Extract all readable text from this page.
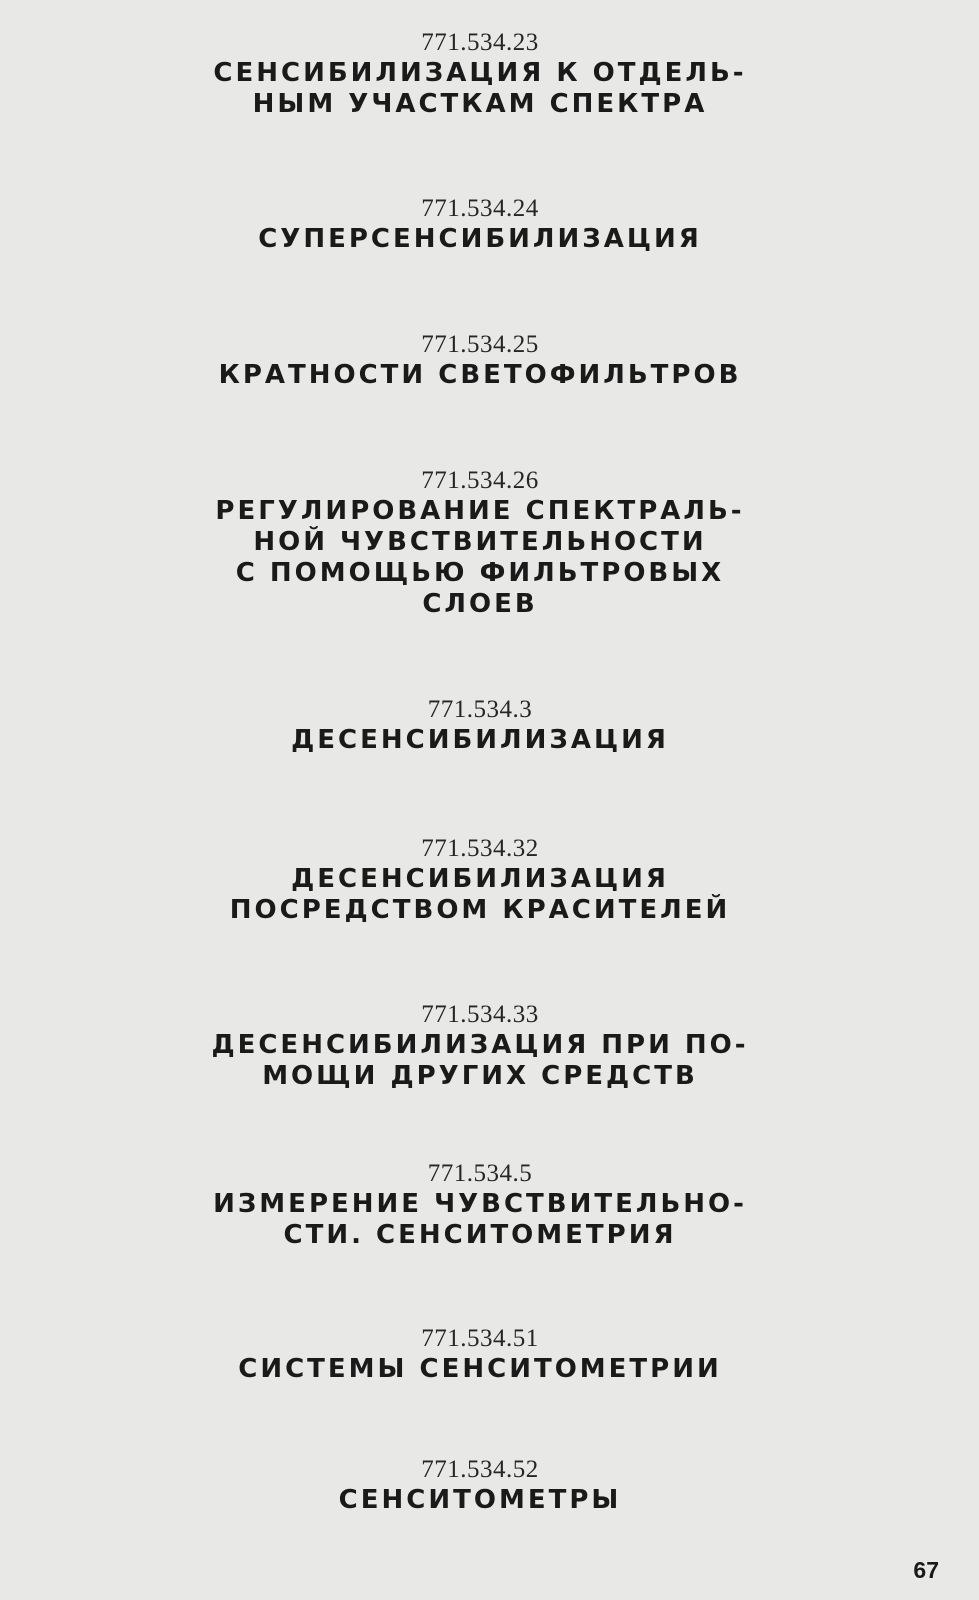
771.534.23
СЕНСИБИЛИЗАЦИЯ К ОТДЕЛЬ-
НЫМ УЧАСТКАМ СПЕКТРА
771.534.24
СУПЕРСЕНСИБИЛИЗАЦИЯ
771.534.25
КРАТНОСТИ СВЕТОФИЛЬТРОВ
771.534.26
РЕГУЛИРОВАНИЕ СПЕКТРАЛЬ-
НОЙ ЧУВСТВИТЕЛЬНОСТИ
С ПОМОЩЬЮ ФИЛЬТРОВЫХ
СЛОЕВ
771.534.3
ДЕСЕНСИБИЛИЗАЦИЯ
771.534.32
ДЕСЕНСИБИЛИЗАЦИЯ
ПОСРЕДСТВОМ КРАСИТЕЛЕЙ
771.534.33
ДЕСЕНСИБИЛИЗАЦИЯ ПРИ ПО-
МОЩИ ДРУГИХ СРЕДСТВ
771.534.5
ИЗМЕРЕНИЕ ЧУВСТВИТЕЛЬНО-
СТИ. СЕНСИТОМЕТРИЯ
771.534.51
СИСТЕМЫ СЕНСИТОМЕТРИИ
771.534.52
СЕНСИТОМЕТРЫ
67
